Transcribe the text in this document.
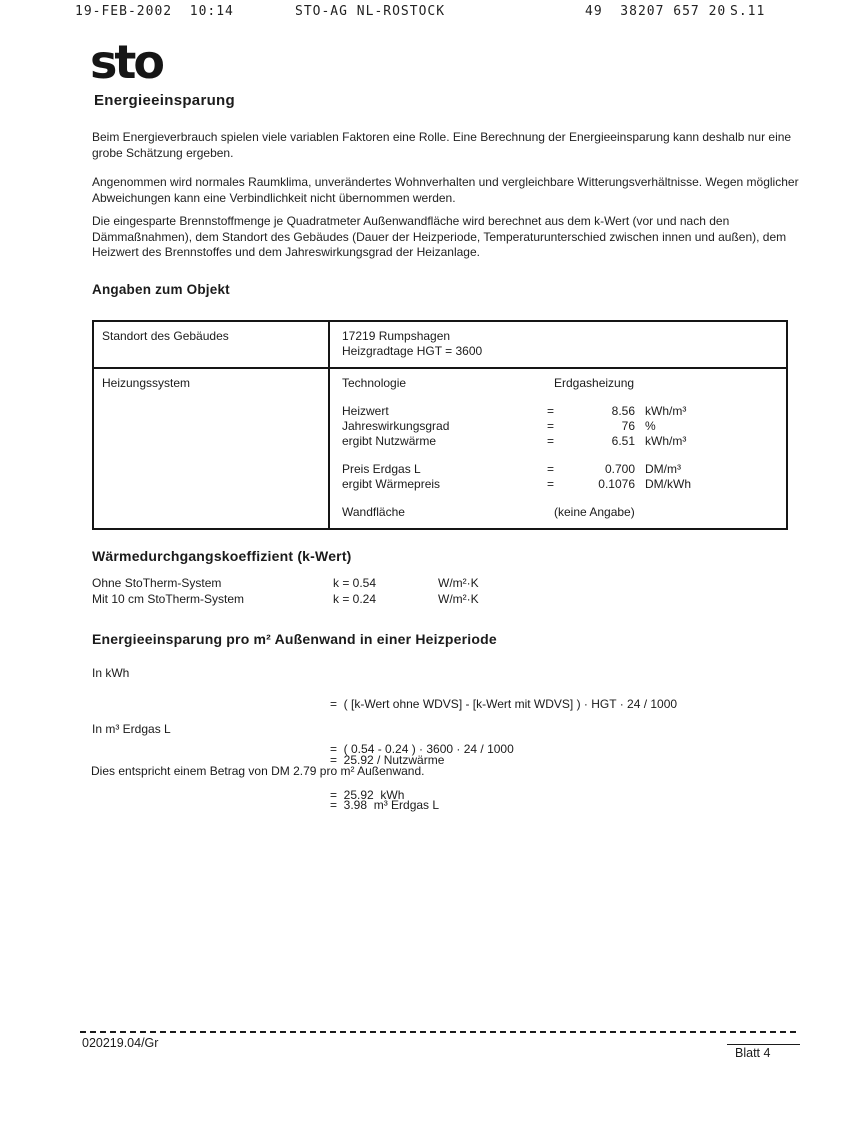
19-FEB-2002  10:14	STO-AG NL-ROSTOCK	49  38207 657 20 S.11
sto
Energieeinsparung

Beim Energieverbrauch spielen viele variablen Faktoren eine Rolle. Eine Berechnung der Energieeinsparung kann deshalb nur eine grobe Schätzung ergeben.

Angenommen wird normales Raumklima, unverändertes Wohnverhalten und vergleichbare Witterungsverhältnisse. Wegen möglicher Abweichungen kann eine Verbindlichkeit nicht übernommen werden.

Die eingesparte Brennstoffmenge je Quadratmeter Außenwandfläche wird berechnet aus dem k-Wert (vor und nach den Dämmaßnahmen), dem Standort des Gebäudes (Dauer der Heizperiode, Temperaturunterschied zwischen innen und außen), dem Heizwert des Brennstoffes und dem Jahreswirkungsgrad der Heizanlage.

Angaben zum Objekt
Standort des Gebäudes	17219 Rumpshagen
Heizgradtage HGT = 3600
Heizungssystem	Technologie	Erdgasheizung
Heizwert	=	8.56 kWh/m³
Jahreswirkungsgrad	=	76 %
ergibt Nutzwärme	=	6.51 kWh/m³
Preis Erdgas L	=	0.700 DM/m³
ergibt Wärmepreis	=	0.1076 DM/kWh
Wandfläche	(keine Angabe)
Wärmedurchgangskoeffizient (k-Wert)
Ohne StoTherm-System	k = 0.54	W/m²·K
Mit 10 cm StoTherm-System	k = 0.24	W/m²·K
Energieeinsparung pro m² Außenwand in einer Heizperiode
In kWh

=  ( [k-Wert ohne WDVS] - [k-Wert mit WDVS] ) · HGT · 24 / 1000

=  ( 0.54 - 0.24 ) · 3600 · 24 / 1000

=  25.92  kWh

In m³ Erdgas L

=  25.92 / Nutzwärme

=  3.98  m³ Erdgas L

Dies entspricht einem Betrag von DM 2.79 pro m² Außenwand.
020219.04/Gr
Blatt 4
